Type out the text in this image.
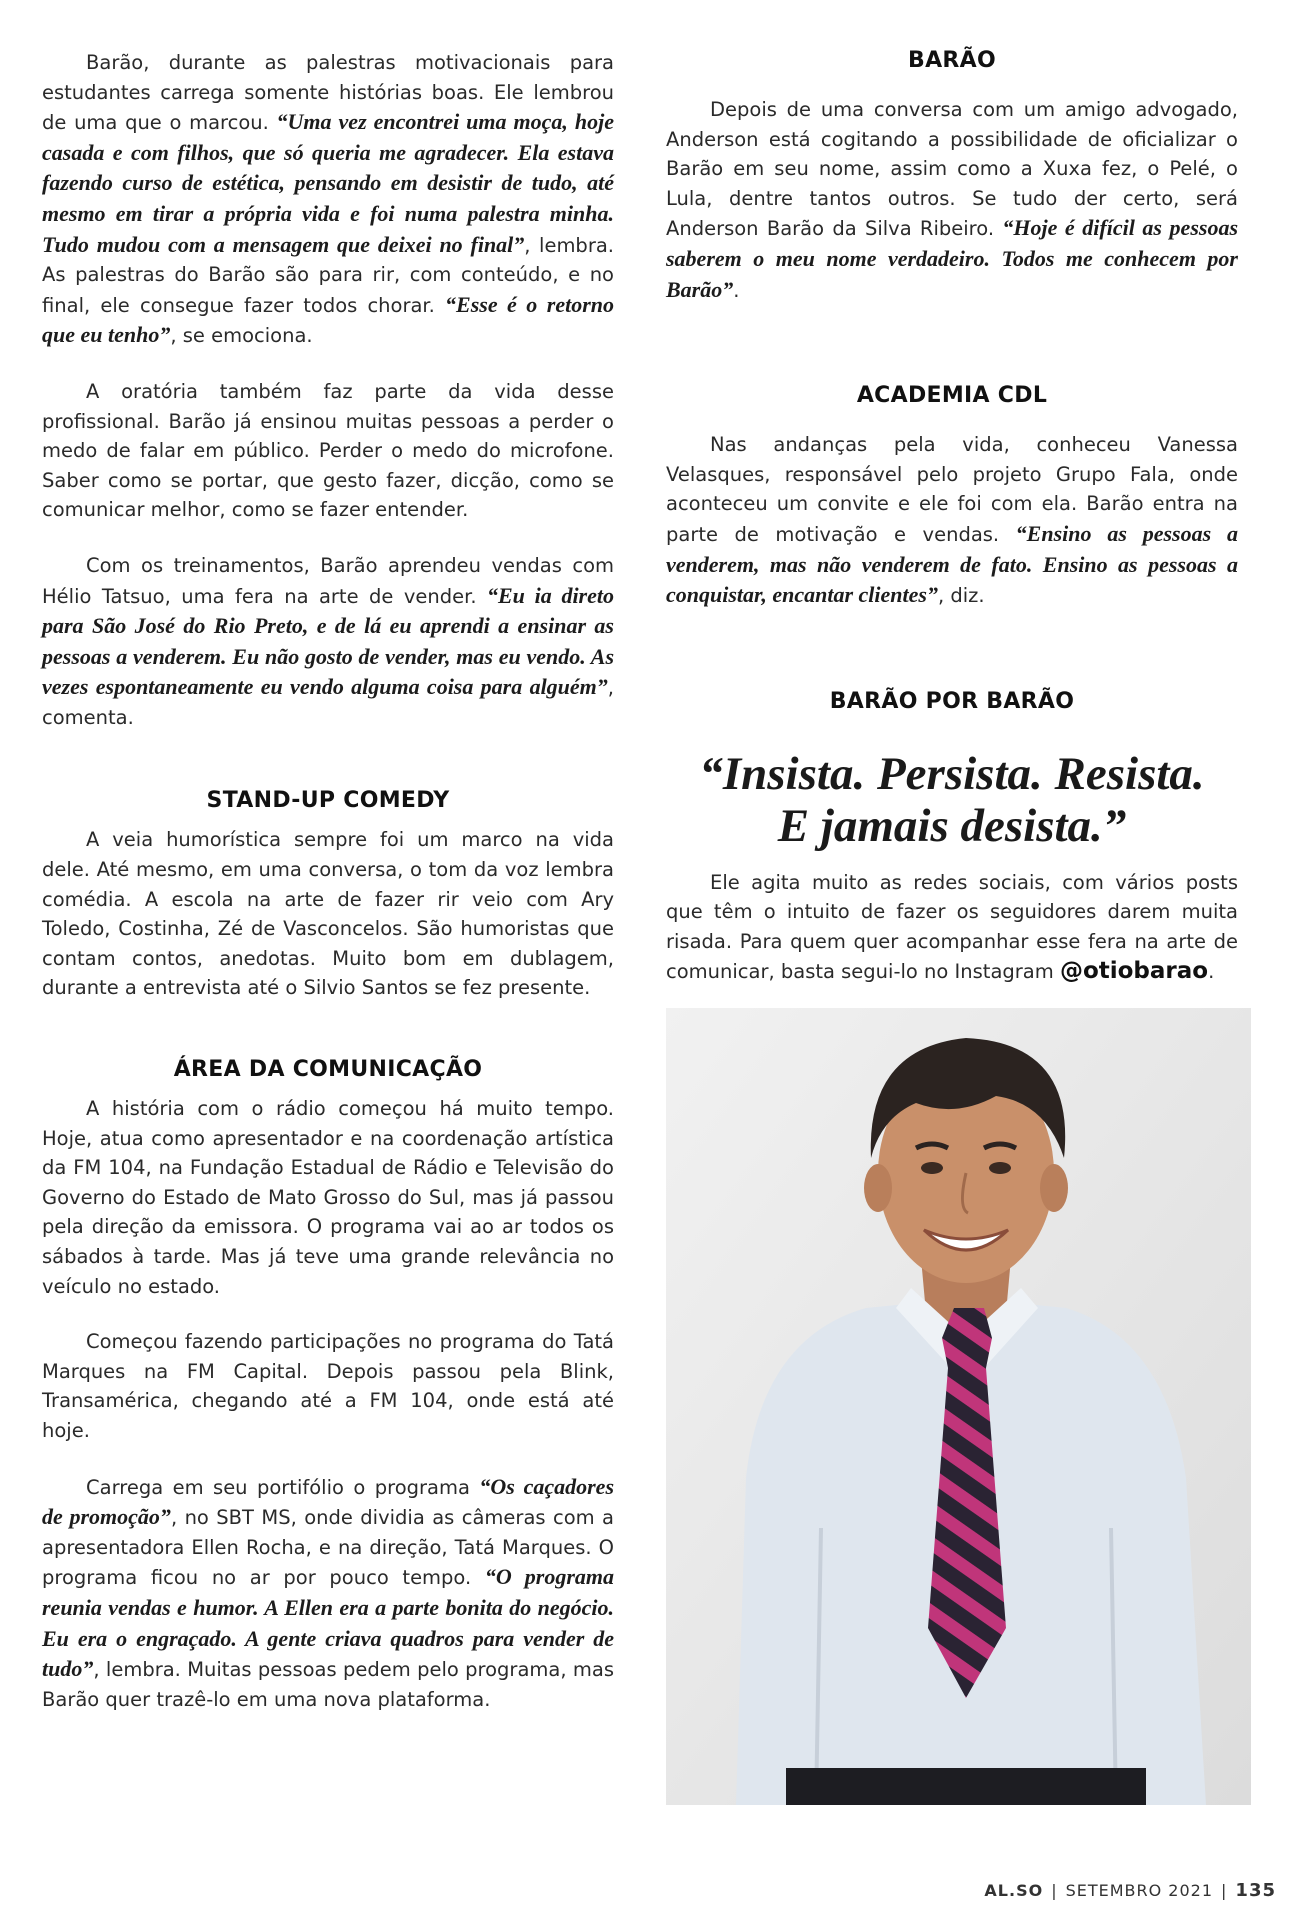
Barão, durante as palestras motivacionais para estudantes carrega somente histórias boas. Ele lembrou de uma que o marcou. “Uma vez encontrei uma moça, hoje casada e com filhos, que só queria me agradecer. Ela estava fazendo curso de estética, pensando em desistir de tudo, até mesmo em tirar a própria vida e foi numa palestra minha. Tudo mudou com a mensagem que deixei no final”, lembra. As palestras do Barão são para rir, com conteúdo, e no final, ele consegue fazer todos chorar. “Esse é o retorno que eu tenho”, se emociona.

A oratória também faz parte da vida desse profissional. Barão já ensinou muitas pessoas a perder o medo de falar em público. Perder o medo do microfone. Saber como se portar, que gesto fazer, dicção, como se comunicar melhor, como se fazer entender.

Com os treinamentos, Barão aprendeu vendas com Hélio Tatsuo, uma fera na arte de vender. “Eu ia direto para São José do Rio Preto, e de lá eu aprendi a ensinar as pessoas a venderem. Eu não gosto de vender, mas eu vendo. As vezes espontaneamente eu vendo alguma coisa para alguém”, comenta.

STAND-UP COMEDY

A veia humorística sempre foi um marco na vida dele. Até mesmo, em uma conversa, o tom da voz lembra comédia. A escola na arte de fazer rir veio com Ary Toledo, Costinha, Zé de Vasconcelos. São humoristas que contam contos, anedotas. Muito bom em dublagem, durante a entrevista até o Silvio Santos se fez presente.

ÁREA DA COMUNICAÇÃO

A história com o rádio começou há muito tempo. Hoje, atua como apresentador e na coordenação artística da FM 104, na Fundação Estadual de Rádio e Televisão do Governo do Estado de Mato Grosso do Sul, mas já passou pela direção da emissora. O programa vai ao ar todos os sábados à tarde. Mas já teve uma grande relevância no veículo no estado.

Começou fazendo participações no programa do Tatá Marques na FM Capital. Depois passou pela Blink, Transamérica, chegando até a FM 104, onde está até hoje.

Carrega em seu portifólio o programa “Os caçadores de promoção”, no SBT MS, onde dividia as câmeras com a apresentadora Ellen Rocha, e na direção, Tatá Marques. O programa ficou no ar por pouco tempo. “O programa reunia vendas e humor. A Ellen era a parte bonita do negócio. Eu era o engraçado. A gente criava quadros para vender de tudo”, lembra. Muitas pessoas pedem pelo programa, mas Barão quer trazê-lo em uma nova plataforma.

BARÃO

Depois de uma conversa com um amigo advogado, Anderson está cogitando a possibilidade de oficializar o Barão em seu nome, assim como a Xuxa fez, o Pelé, o Lula, dentre tantos outros. Se tudo der certo, será Anderson Barão da Silva Ribeiro. “Hoje é difícil as pessoas saberem o meu nome verdadeiro. Todos me conhecem por Barão”.

ACADEMIA CDL

Nas andanças pela vida, conheceu Vanessa Velasques, responsável pelo projeto Grupo Fala, onde aconteceu um convite e ele foi com ela. Barão entra na parte de motivação e vendas. “Ensino as pessoas a venderem, mas não venderem de fato. Ensino as pessoas a conquistar, encantar clientes”, diz.

BARÃO POR BARÃO

“Insista. Persista. Resista.
E jamais desista.”

Ele agita muito as redes sociais, com vários posts que têm o intuito de fazer os seguidores darem muita risada. Para quem quer acompanhar esse fera na arte de comunicar, basta segui-lo no Instagram @otiobarao.

AL.SO | SETEMBRO 2021 | 135
